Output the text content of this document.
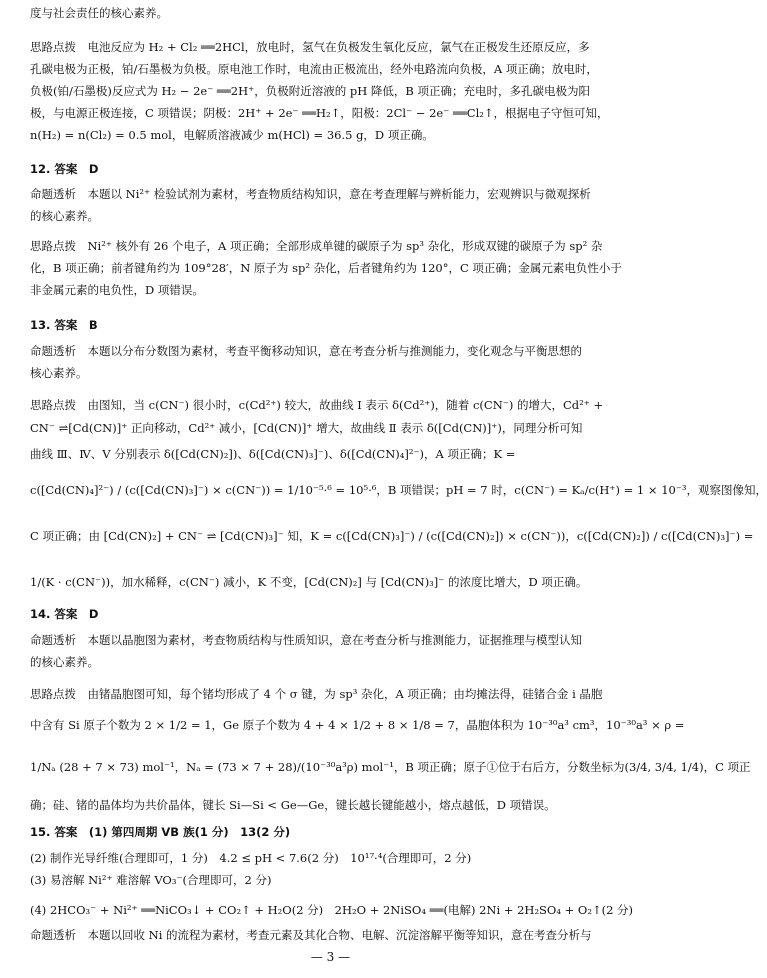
度与社会责任的核心素养。
思路点拨　电池反应为 H₂ + Cl₂ ══2HCl，放电时，氢气在负极发生氧化反应，氯气在正极发生还原反应，多
孔碳电极为正极，铂/石墨极为负极。原电池工作时，电流由正极流出，经外电路流向负极，A 项正确；放电时，
负极(铂/石墨极)反应式为 H₂ − 2e⁻ ══2H⁺，负极附近溶液的 pH 降低，B 项正确；充电时，多孔碳电极为阳
极，与电源正极连接，C 项错误；阴极：2H⁺ + 2e⁻ ══H₂↑，阳极：2Cl⁻ − 2e⁻ ══Cl₂↑，根据电子守恒可知，
n(H₂) = n(Cl₂) = 0.5 mol，电解质溶液减少 m(HCl) = 36.5 g，D 项正确。
12. 答案　D
命题透析　本题以 Ni²⁺ 检验试剂为素材，考查物质结构知识，意在考查理解与辨析能力，宏观辨识与微观探析
的核心素养。
思路点拨　Ni²⁺ 核外有 26 个电子，A 项正确；全部形成单键的碳原子为 sp³ 杂化，形成双键的碳原子为 sp² 杂
化，B 项正确；前者键角约为 109°28′，N 原子为 sp² 杂化，后者键角约为 120°，C 项正确；金属元素电负性小于
非金属元素的电负性，D 项错误。
13. 答案　B
命题透析　本题以分布分数图为素材，考查平衡移动知识，意在考查分析与推测能力，变化观念与平衡思想的
核心素养。
思路点拨　由图知，当 c(CN⁻) 很小时，c(Cd²⁺) 较大，故曲线 Ⅰ 表示 δ(Cd²⁺)，随着 c(CN⁻) 的增大，Cd²⁺ +
CN⁻ ⇌[Cd(CN)]⁺ 正向移动，Cd²⁺ 减小，[Cd(CN)]⁺ 增大，故曲线 Ⅱ 表示 δ([Cd(CN)]⁺)，同理分析可知
曲线 Ⅲ、Ⅳ、Ⅴ 分别表示 δ([Cd(CN)₂])、δ([Cd(CN)₃]⁻)、δ([Cd(CN)₄]²⁻)，A 项正确；K =
c([Cd(CN)₄]²⁻) / (c([Cd(CN)₃]⁻) × c(CN⁻)) = 1/10⁻⁵·⁶ = 10⁵·⁶，B 项错误；pH = 7 时，c(CN⁻) = Kₐ/c(H⁺) = 1 × 10⁻³，观察图像知，
C 项正确；由 [Cd(CN)₂] + CN⁻ ⇌ [Cd(CN)₃]⁻ 知，K = c([Cd(CN)₃]⁻) / (c([Cd(CN)₂]) × c(CN⁻))，c([Cd(CN)₂]) / c([Cd(CN)₃]⁻) =
1/(K · c(CN⁻))，加水稀释，c(CN⁻) 减小，K 不变，[Cd(CN)₂] 与 [Cd(CN)₃]⁻ 的浓度比增大，D 项正确。
14. 答案　D
命题透析　本题以晶胞图为素材，考查物质结构与性质知识，意在考查分析与推测能力，证据推理与模型认知
的核心素养。
思路点拨　由锗晶胞图可知，每个锗均形成了 4 个 σ 键，为 sp³ 杂化，A 项正确；由均摊法得，硅锗合金 ⅰ 晶胞
中含有 Si 原子个数为 2 × 1/2 = 1，Ge 原子个数为 4 + 4 × 1/2 + 8 × 1/8 = 7，晶胞体积为 10⁻³⁰a³ cm³，10⁻³⁰a³ × ρ =
1/Nₐ (28 + 7 × 73) mol⁻¹，Nₐ = (73 × 7 + 28)/(10⁻³⁰a³ρ) mol⁻¹，B 项正确；原子①位于右后方，分数坐标为(3/4, 3/4, 1/4)，C 项正
确；硅、锗的晶体均为共价晶体，键长 Si—Si < Ge—Ge，键长越长键能越小，熔点越低，D 项错误。
15. 答案　(1) 第四周期 ⅤB 族(1 分)　13(2 分)
(2) 制作光导纤维(合理即可，1 分)　4.2 ≤ pH < 7.6(2 分)　10¹⁷·⁴(合理即可，2 分)
(3) 易溶解 Ni²⁺ 难溶解 VO₃⁻(合理即可，2 分)
(4) 2HCO₃⁻ + Ni²⁺ ══NiCO₃↓ + CO₂↑ + H₂O(2 分)　2H₂O + 2NiSO₄ ══(电解) 2Ni + 2H₂SO₄ + O₂↑(2 分)
命题透析　本题以回收 Ni 的流程为素材，考查元素及其化合物、电解、沉淀溶解平衡等知识，意在考查分析与
— 3 —
